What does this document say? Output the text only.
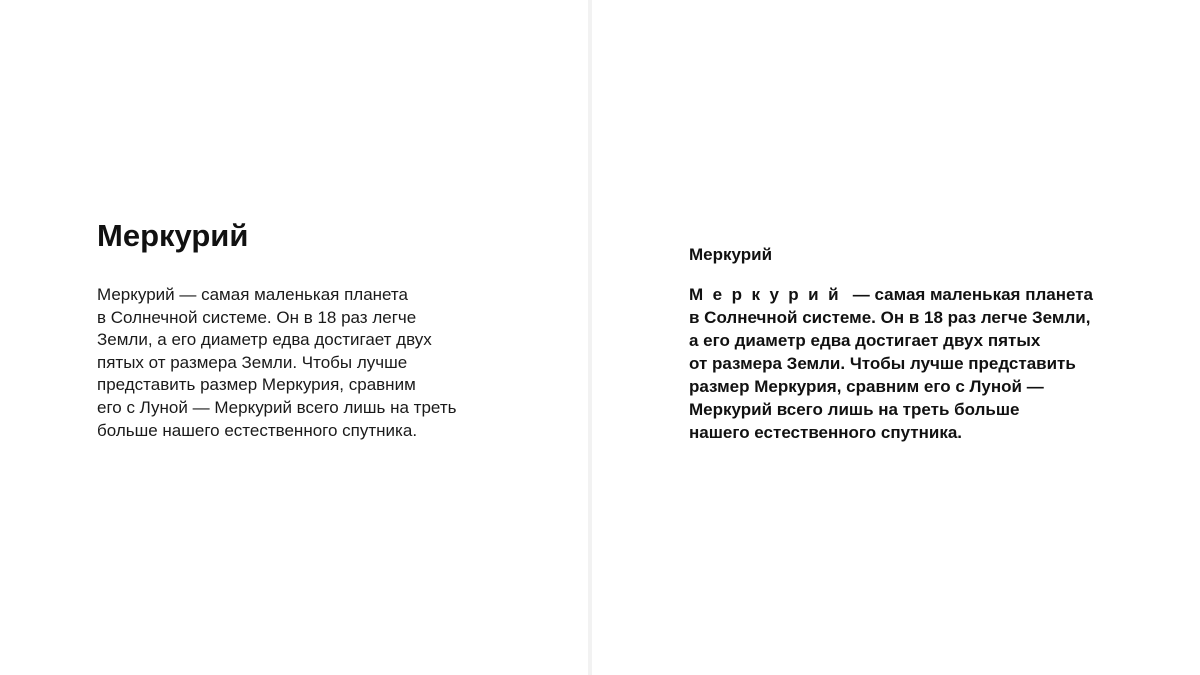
Меркурий

Меркурий — самая маленькая планета
в Солнечной системе. Он в 18 раз легче
Земли, а его диаметр едва достигает двух
пятых от размера Земли. Чтобы лучше
представить размер Меркурия, сравним
его с Луной — Меркурий всего лишь на треть
больше нашего естественного спутника.

Меркурий

Меркурий — самая маленькая планета
в Солнечной системе. Он в 18 раз легче Земли,
а его диаметр едва достигает двух пятых
от размера Земли. Чтобы лучше представить
размер Меркурия, сравним его с Луной —
Меркурий всего лишь на треть больше
нашего естественного спутника.
